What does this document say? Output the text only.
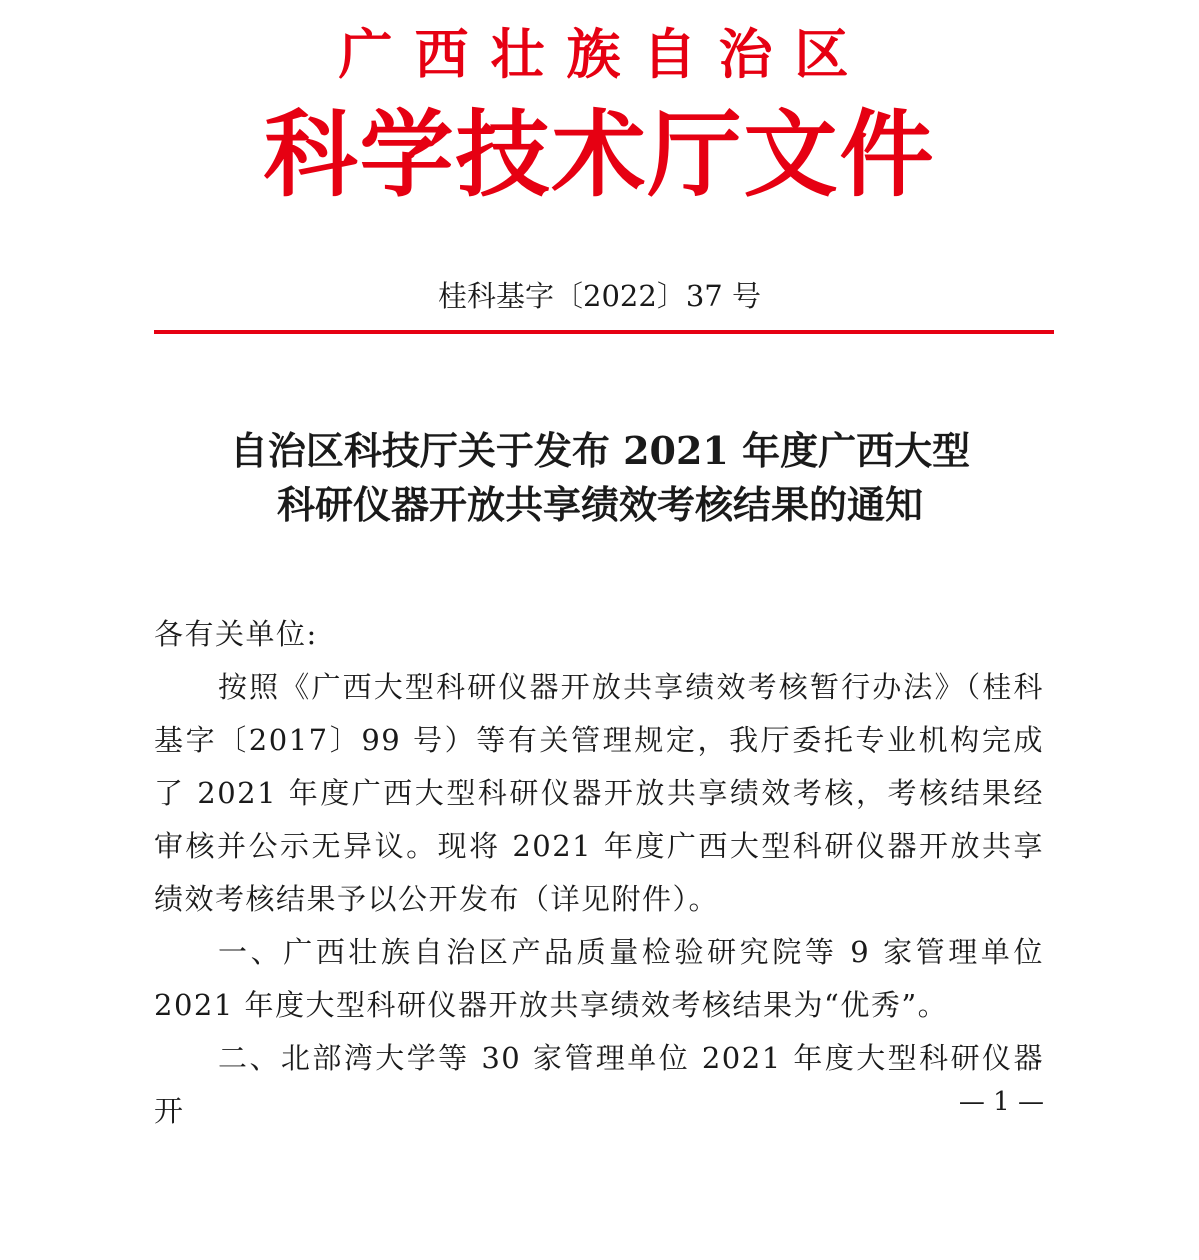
广西壮族自治区
科学技术厅文件
桂科基字〔2022〕37 号
自治区科技厅关于发布 2021 年度广西大型
科研仪器开放共享绩效考核结果的通知

各有关单位:

按照《广西大型科研仪器开放共享绩效考核暂行办法》（桂科基字〔2017〕99 号）等有关管理规定，我厅委托专业机构完成了 2021 年度广西大型科研仪器开放共享绩效考核，考核结果经审核并公示无异议。现将 2021 年度广西大型科研仪器开放共享绩效考核结果予以公开发布（详见附件）。

一、广西壮族自治区产品质量检验研究院等 9 家管理单位 2021 年度大型科研仪器开放共享绩效考核结果为“优秀”。

二、北部湾大学等 30 家管理单位 2021 年度大型科研仪器开	— 1 —
